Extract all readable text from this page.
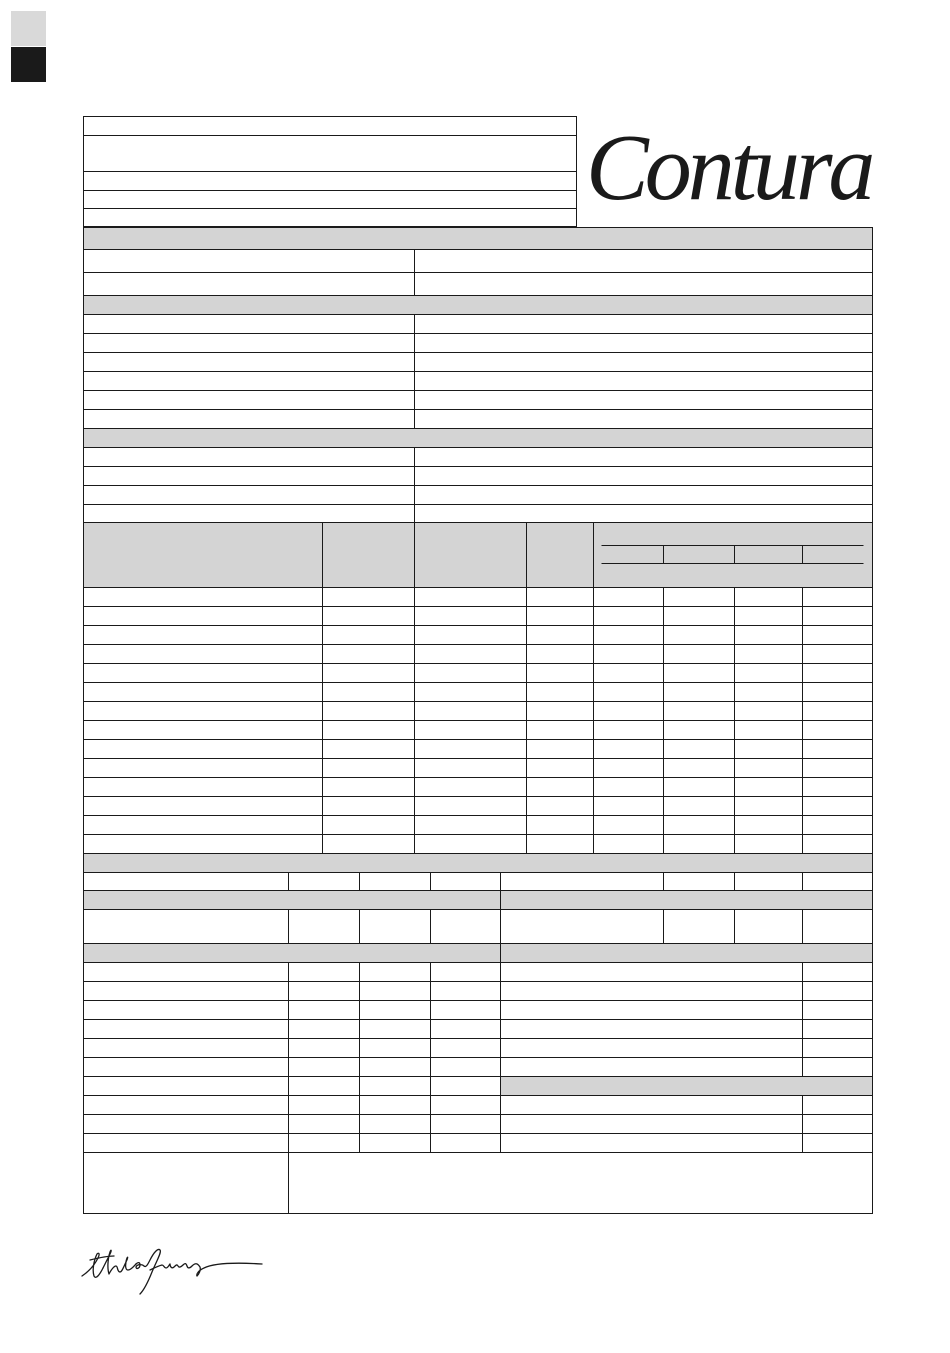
Contura
